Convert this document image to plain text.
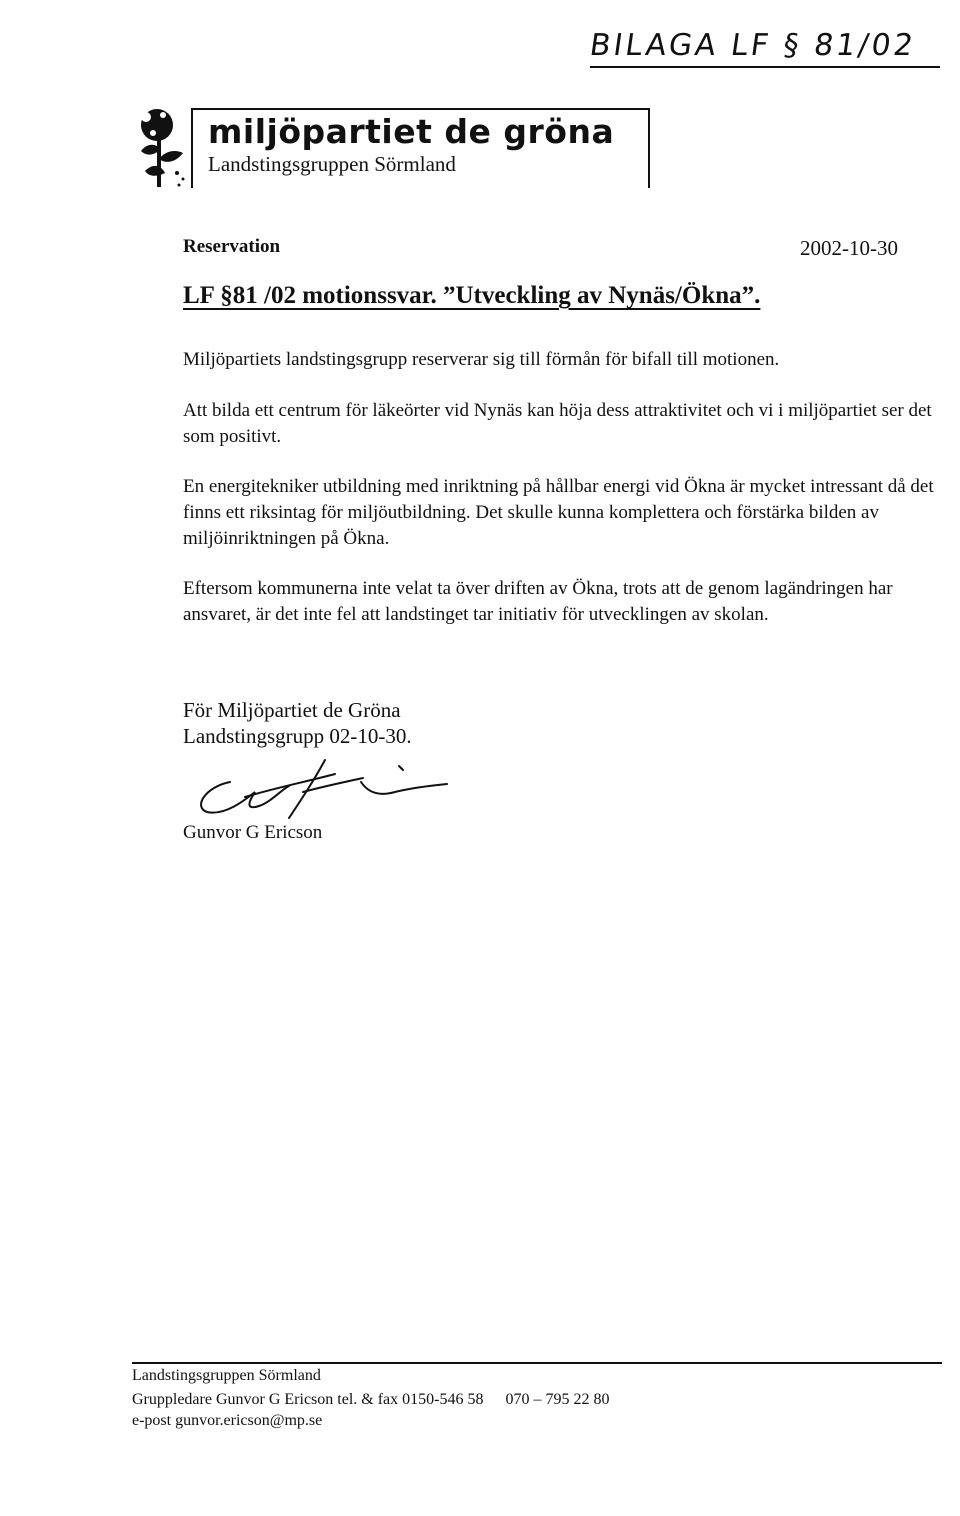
BILAGA LF § 81/02
miljöpartiet de gröna
Landstingsgruppen Sörmland
Reservation	2002-10-30
LF §81 /02 motionssvar. ”Utveckling av Nynäs/Ökna”.
Miljöpartiets landstingsgrupp reserverar sig till förmån för bifall till motionen.
Att bilda ett centrum för läkeörter vid Nynäs kan höja dess attraktivitet och vi i miljöpartiet ser det som positivt.
En energitekniker utbildning med inriktning på hållbar energi vid Ökna är mycket intressant då det finns ett riksintag för miljöutbildning. Det skulle kunna komplettera och förstärka bilden av miljöinriktningen på Ökna.
Eftersom kommunerna inte velat ta över driften av Ökna, trots att de genom lagändringen har ansvaret, är det inte fel att landstinget tar initiativ för utvecklingen av skolan.
För Miljöpartiet de Gröna
Landstingsgrupp 02-10-30.
Gunvor G Ericson
Landstingsgruppen Sörmland
Gruppledare Gunvor G Ericson tel. & fax 0150-546 58 070 – 795 22 80
e-post gunvor.ericson@mp.se
